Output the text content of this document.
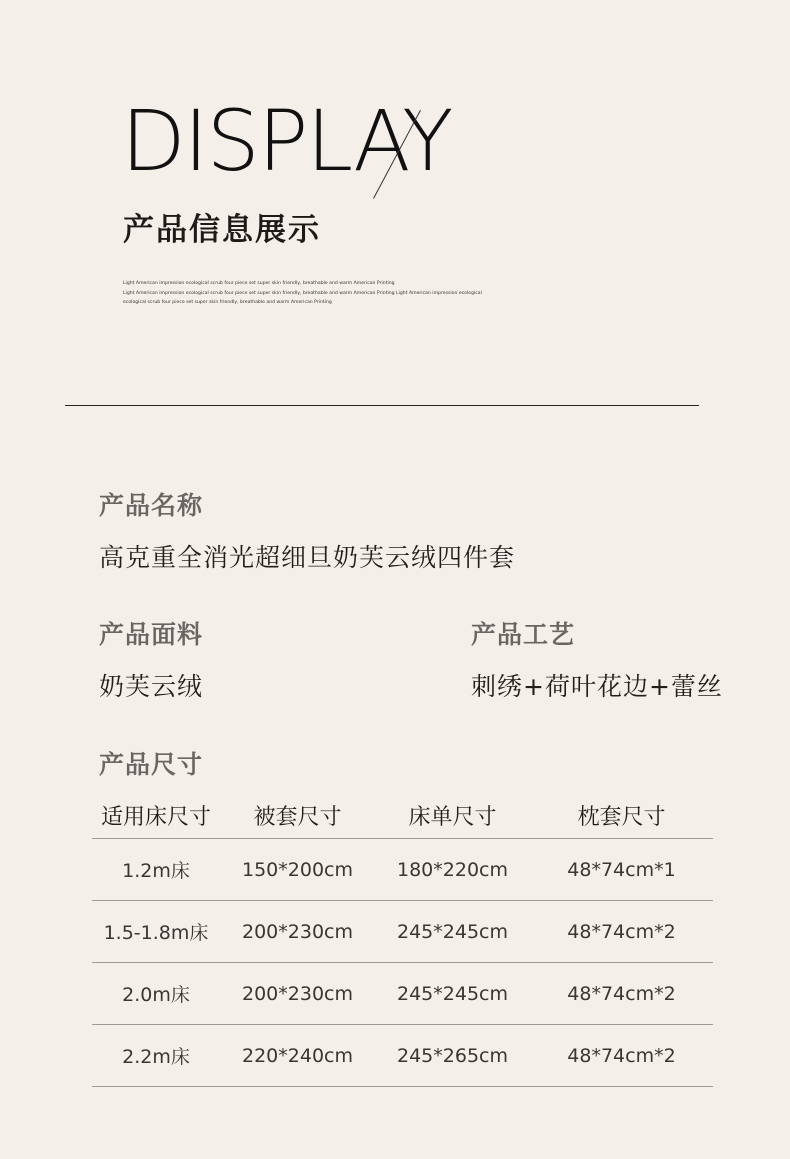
DISPLAY
产品信息展示
Light American impression ecological scrub four piece set super skin friendly, breathable and warm American Printing
Light American impression ecological scrub four piece set super skin friendly, breathable and warm American Printing Light American impression ecological
ecological scrub four piece set super skin friendly, breathable and warm American Printing
产品名称
高克重全消光超细旦奶芙云绒四件套
产品面料
奶芙云绒
产品工艺
刺绣+荷叶花边+蕾丝
产品尺寸
适用床尺寸	被套尺寸	床单尺寸	枕套尺寸
1.2m床	150*200cm	180*220cm	48*74cm*1
1.5-1.8m床	200*230cm	245*245cm	48*74cm*2
2.0m床	200*230cm	245*245cm	48*74cm*2
2.2m床	220*240cm	245*265cm	48*74cm*2
